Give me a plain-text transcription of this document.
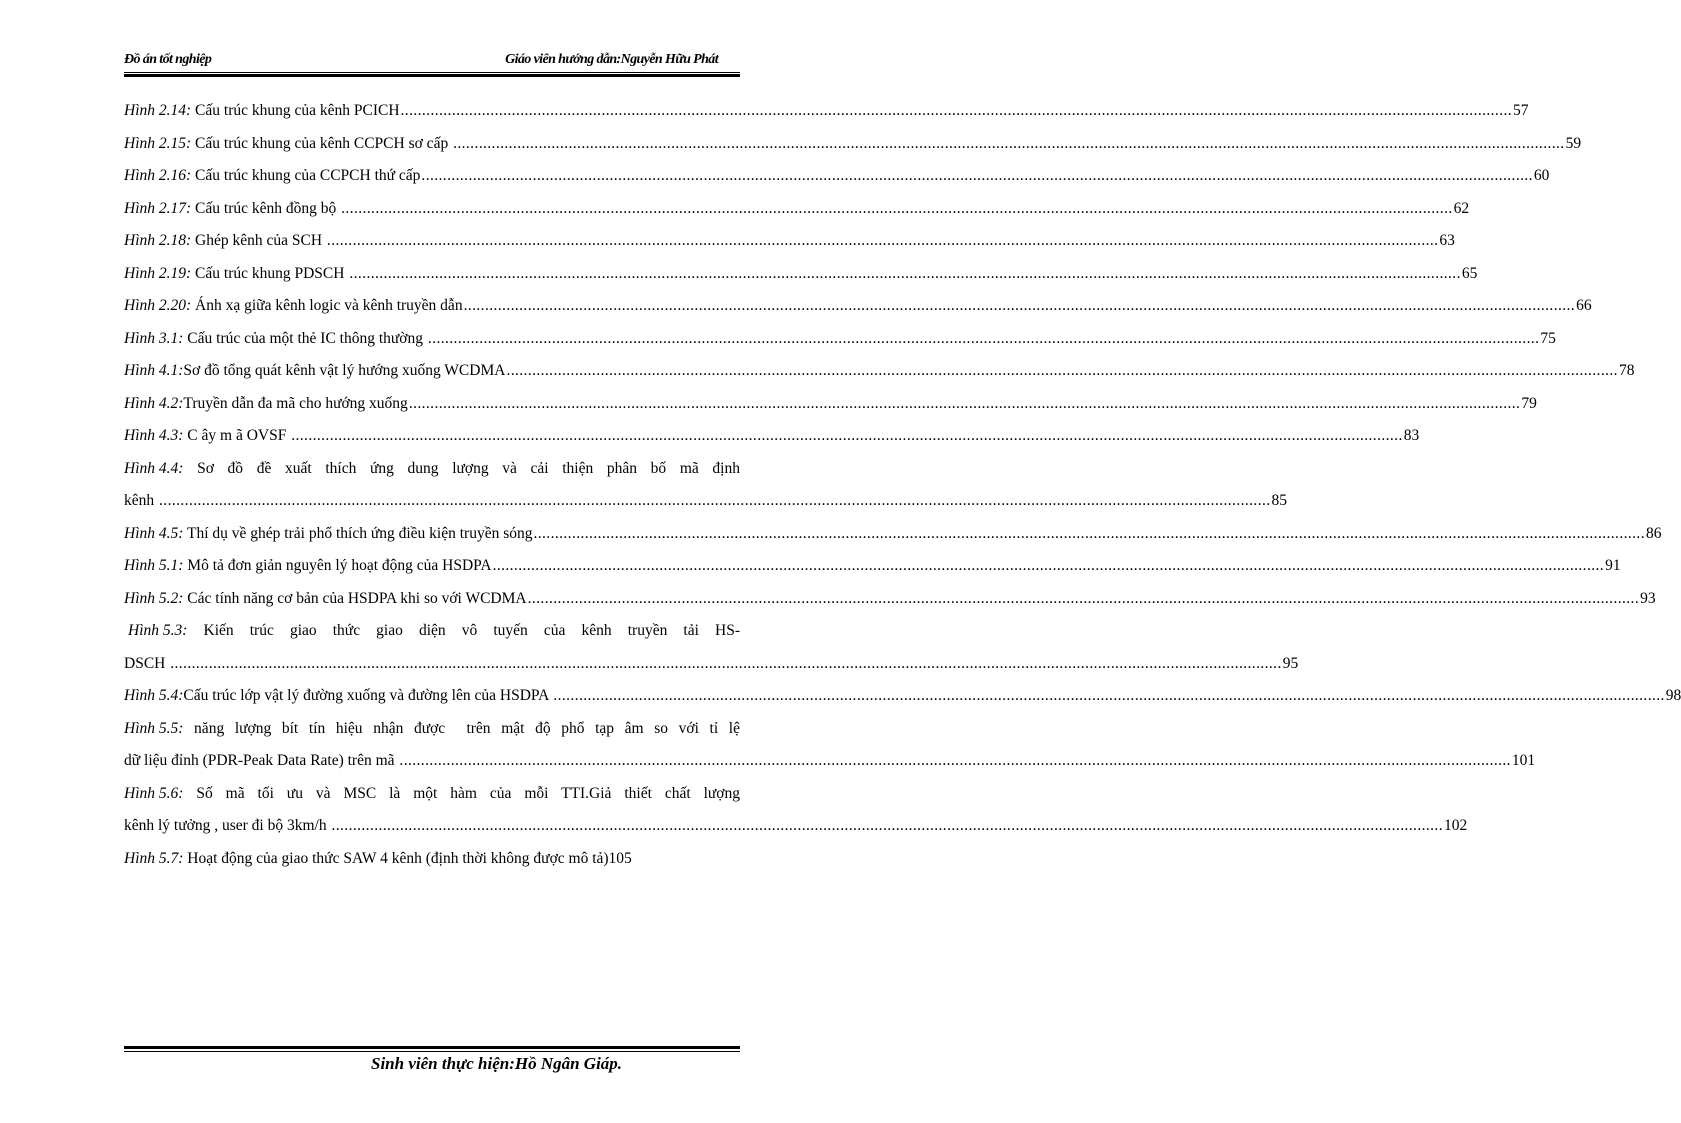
Đồ án tốt nghiệp	Giáo viên hướng dẫn:Nguyễn Hữu Phát
Hình 2.14: Cấu trúc khung của kênh PCICH .................................................................................................................................................................................................................................................................... 57
Hình 2.15: Cấu trúc khung của kênh CCPCH sơ cấp .................................................................................................................................................................................................................................................................... 59
Hình 2.16: Cấu trúc khung của CCPCH thứ cấp .................................................................................................................................................................................................................................................................... 60
Hình 2.17: Cấu trúc kênh đồng bộ .................................................................................................................................................................................................................................................................... 62
Hình 2.18: Ghép kênh của SCH .................................................................................................................................................................................................................................................................... 63
Hình 2.19: Cấu trúc khung PDSCH .................................................................................................................................................................................................................................................................... 65
Hình 2.20: Ánh xạ giữa kênh logic và kênh truyền dẫn .................................................................................................................................................................................................................................................................... 66
Hình 3.1: Cấu trúc của một thẻ IC thông thường .................................................................................................................................................................................................................................................................... 75
Hình 4.1: Sơ đồ tổng quát kênh vật lý hướng xuống WCDMA .................................................................................................................................................................................................................................................................... 78
Hình 4.2: Truyền dẫn đa mã cho hướng xuống .................................................................................................................................................................................................................................................................... 79
Hình 4.3: C ây m ã OVSF .................................................................................................................................................................................................................................................................... 83
Hình 4.4: Sơ đồ đề xuất thích ứng dung lượng và cải thiện phân bố mã định
kênh .................................................................................................................................................................................................................................................................... 85
Hình 4.5: Thí dụ về ghép trải phổ thích ứng điều kiện truyền sóng .................................................................................................................................................................................................................................................................... 86
Hình 5.1: Mô tả đơn giản nguyên lý hoạt động của HSDPA .................................................................................................................................................................................................................................................................... 91
Hình 5.2: Các tính năng cơ bản của HSDPA khi so với WCDMA .................................................................................................................................................................................................................................................................... 93
Hình 5.3: Kiến trúc giao thức giao diện vô tuyến của kênh truyền tải HS-
DSCH .................................................................................................................................................................................................................................................................... 95
Hình 5.4: Cấu trúc lớp vật lý đường xuống và đường lên của HSDPA .................................................................................................................................................................................................................................................................... 98
Hình 5.5: năng lượng bít tín hiệu nhận được  trên mật độ phổ tạp âm so với tỉ lệ
dữ liệu đỉnh (PDR-Peak Data Rate) trên mã .................................................................................................................................................................................................................................................................... 101
Hình 5.6: Số mã tối ưu và MSC là một hàm của mỗi TTI.Giả thiết chất lượng
kênh lý tưởng , user đi bộ 3km/h .................................................................................................................................................................................................................................................................... 102
Hình 5.7: Hoạt động của giao thức SAW 4 kênh (định thời không được mô tả) 105
Sinh viên thực hiện:Hồ Ngân Giáp.
